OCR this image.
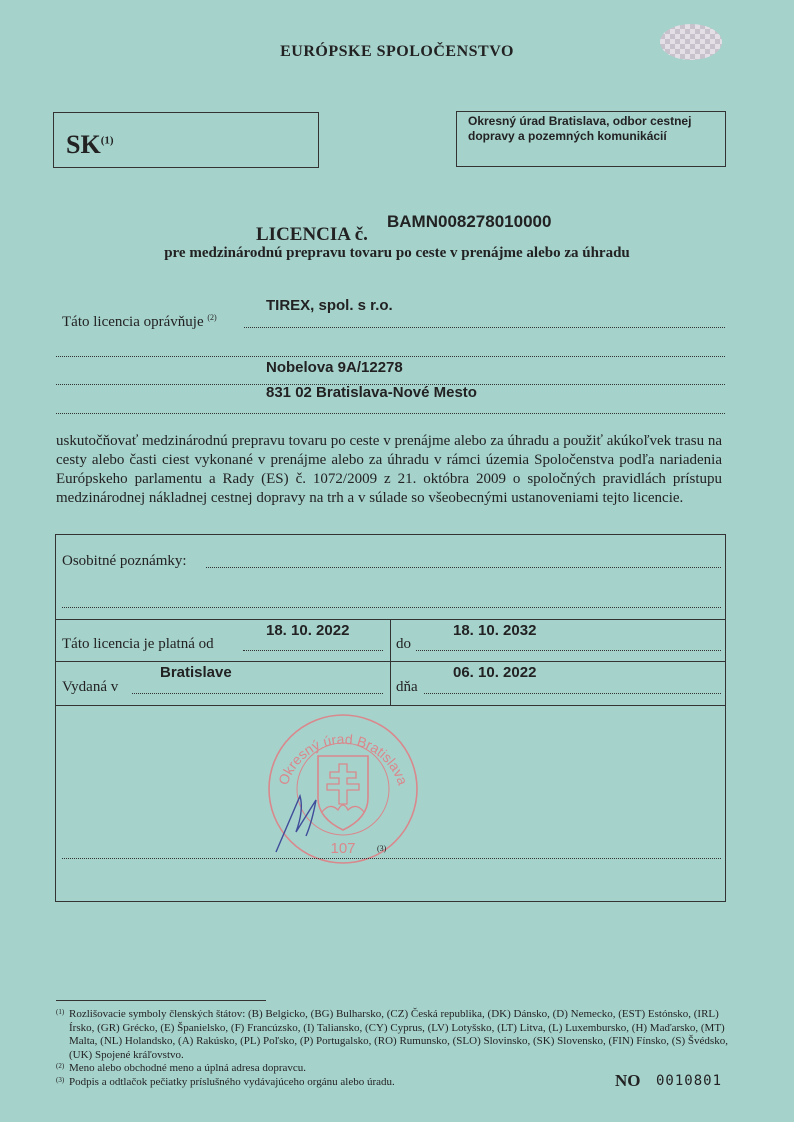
EURÓPSKE SPOLOČENSTVO
SK$^{(1)}$
Okresný úrad Bratislava, odbor cestnej
dopravy a pozemných komunikácií
LICENCIA č.
BAMN008278010000
pre medzinárodnú prepravu tovaru po ceste v prenájme alebo za úhradu
TIREX, spol. s r.o.
Táto licencia oprávňuje $^{(2)}$
Nobelova 9A/12278
831 02 Bratislava-Nové Mesto
uskutočňovať medzinárodnú prepravu tovaru po ceste v prenájme alebo za úhradu a použiť akúkoľvek trasu na cesty alebo časti ciest vykonané v prenájme alebo za úhradu v rámci územia Spoločenstva podľa nariadenia Európskeho parlamentu a Rady (ES) č. 1072/2009 z 21. októbra 2009 o spoločných pravidlách prístupu medzinárodnej nákladnej cestnej dopravy na trh a v súlade so všeobecnými ustanoveniami tejto licencie.
Osobitné poznámky:
18. 10. 2022
Táto licencia je platná od
18. 10. 2032
do
Bratislave
Vydaná v
06. 10. 2022
dňa
Okresný úrad Bratislava
107	(3)
(1) Rozlišovacie symboly členských štátov: (B) Belgicko, (BG) Bulharsko, (CZ) Česká republika, (DK) Dánsko, (D) Nemecko, (EST) Estónsko, (IRL) Írsko, (GR) Grécko, (E) Španielsko, (F) Francúzsko, (I) Taliansko, (CY) Cyprus, (LV) Lotyšsko, (LT) Litva, (L) Luxembursko, (H) Maďarsko, (MT) Malta, (NL) Holandsko, (A) Rakúsko, (PL) Poľsko, (P) Portugalsko, (RO) Rumunsko, (SLO) Slovinsko, (SK) Slovensko, (FIN) Fínsko, (S) Švédsko, (UK) Spojené kráľovstvo.
(2) Meno alebo obchodné meno a úplná adresa dopravcu.
(3) Podpis a odtlačok pečiatky príslušného vydávajúceho orgánu alebo úradu.	NO 0010801
